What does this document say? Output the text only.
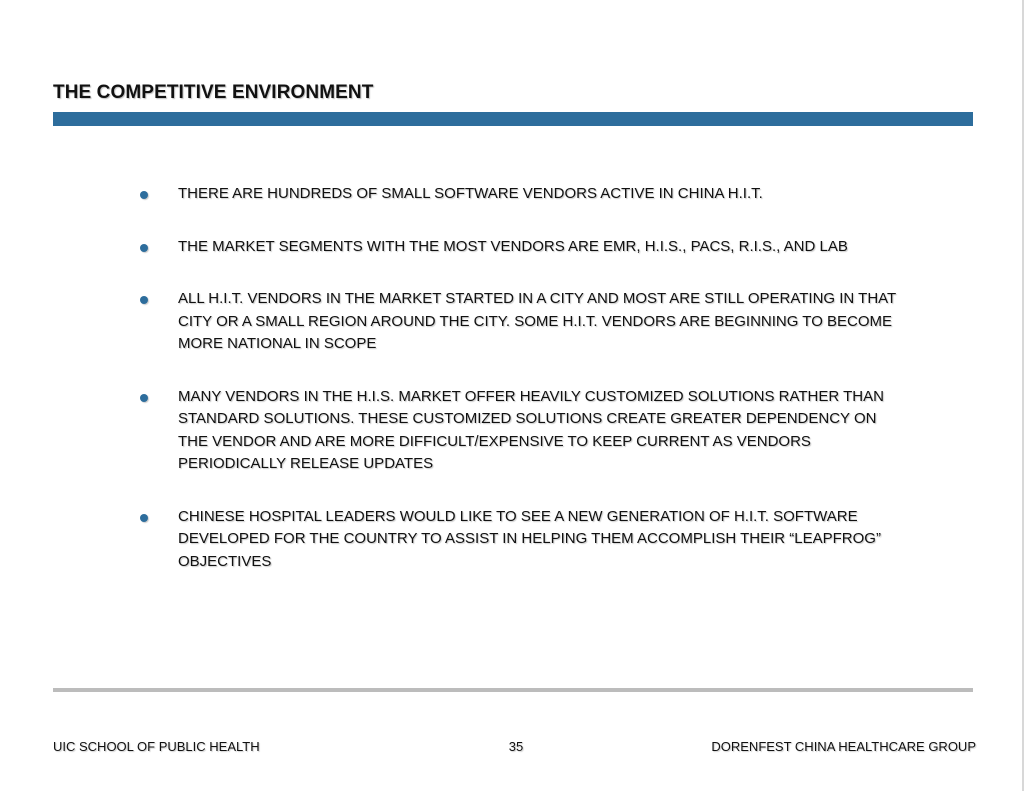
THE COMPETITIVE ENVIRONMENT
THERE ARE HUNDREDS OF SMALL SOFTWARE VENDORS ACTIVE IN CHINA H.I.T.
THE MARKET SEGMENTS WITH THE MOST VENDORS ARE EMR, H.I.S., PACS, R.I.S., AND LAB
ALL H.I.T. VENDORS IN THE MARKET STARTED IN A CITY AND MOST ARE STILL OPERATING IN THAT CITY OR A SMALL REGION AROUND THE CITY. SOME H.I.T. VENDORS ARE BEGINNING TO BECOME MORE NATIONAL IN SCOPE
MANY VENDORS IN THE H.I.S. MARKET OFFER HEAVILY CUSTOMIZED SOLUTIONS RATHER THAN STANDARD SOLUTIONS. THESE CUSTOMIZED SOLUTIONS CREATE GREATER DEPENDENCY ON THE VENDOR AND ARE MORE DIFFICULT/EXPENSIVE TO KEEP CURRENT AS VENDORS PERIODICALLY RELEASE UPDATES
CHINESE HOSPITAL LEADERS WOULD LIKE TO SEE A NEW GENERATION OF H.I.T. SOFTWARE DEVELOPED FOR THE COUNTRY TO ASSIST IN HELPING THEM ACCOMPLISH THEIR “LEAPFROG” OBJECTIVES
UIC SCHOOL OF PUBLIC HEALTH	35	DORENFEST CHINA HEALTHCARE GROUP
